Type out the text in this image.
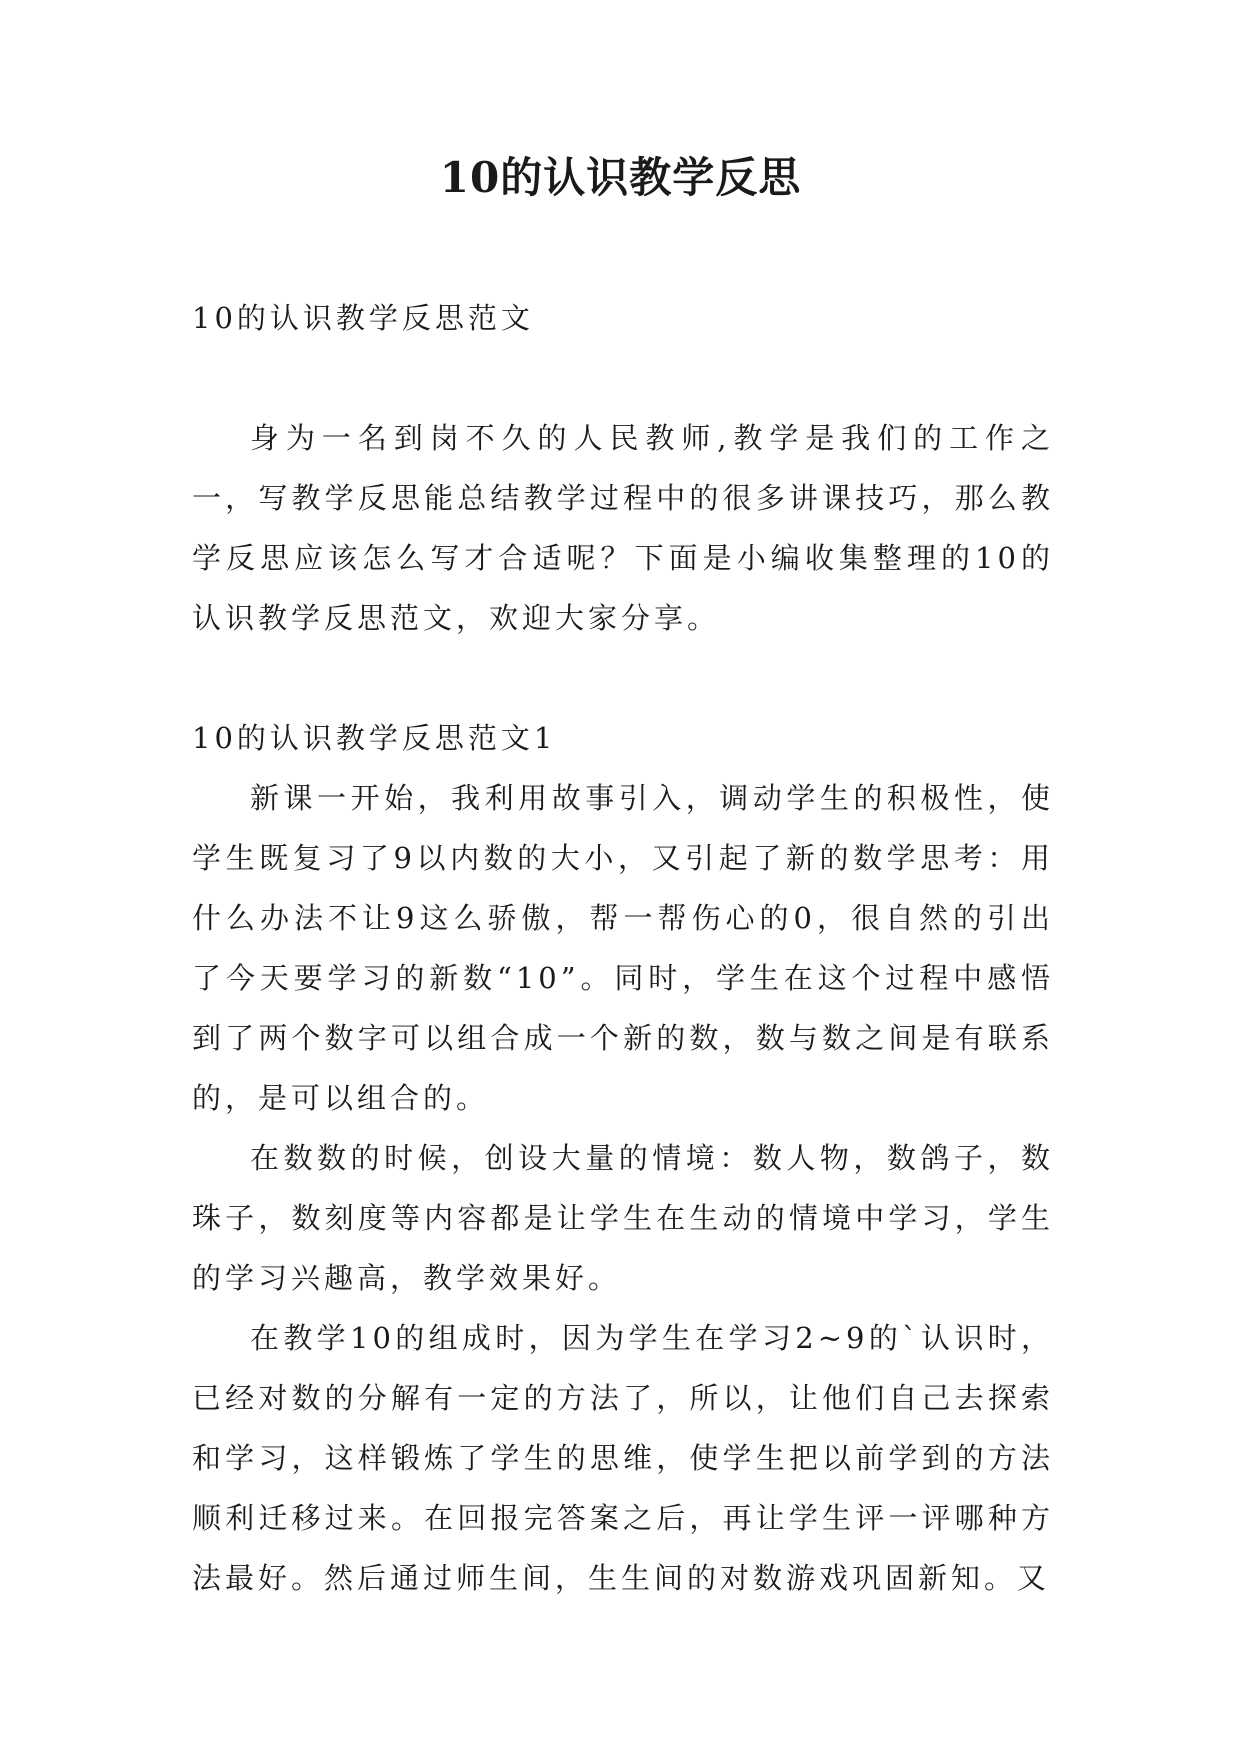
10的认识教学反思

10的认识教学反思范文

身为一名到岗不久的人民教师,教学是我们的工作之一，写教学反思能总结教学过程中的很多讲课技巧，那么教学反思应该怎么写才合适呢？下面是小编收集整理的10的认识教学反思范文，欢迎大家分享。

10的认识教学反思范文1

新课一开始，我利用故事引入，调动学生的积极性，使学生既复习了9以内数的大小，又引起了新的数学思考：用什么办法不让9这么骄傲，帮一帮伤心的0，很自然的引出了今天要学习的新数“10”。同时，学生在这个过程中感悟到了两个数字可以组合成一个新的数，数与数之间是有联系的，是可以组合的。

在数数的时候，创设大量的情境：数人物，数鸽子，数珠子，数刻度等内容都是让学生在生动的情境中学习，学生的学习兴趣高，教学效果好。

在教学10的组成时，因为学生在学习2~9的`认识时，已经对数的分解有一定的方法了，所以，让他们自己去探索和学习，这样锻炼了学生的思维，使学生把以前学到的方法顺利迁移过来。在回报完答案之后，再让学生评一评哪种方法最好。然后通过师生间，生生间的对数游戏巩固新知。又
